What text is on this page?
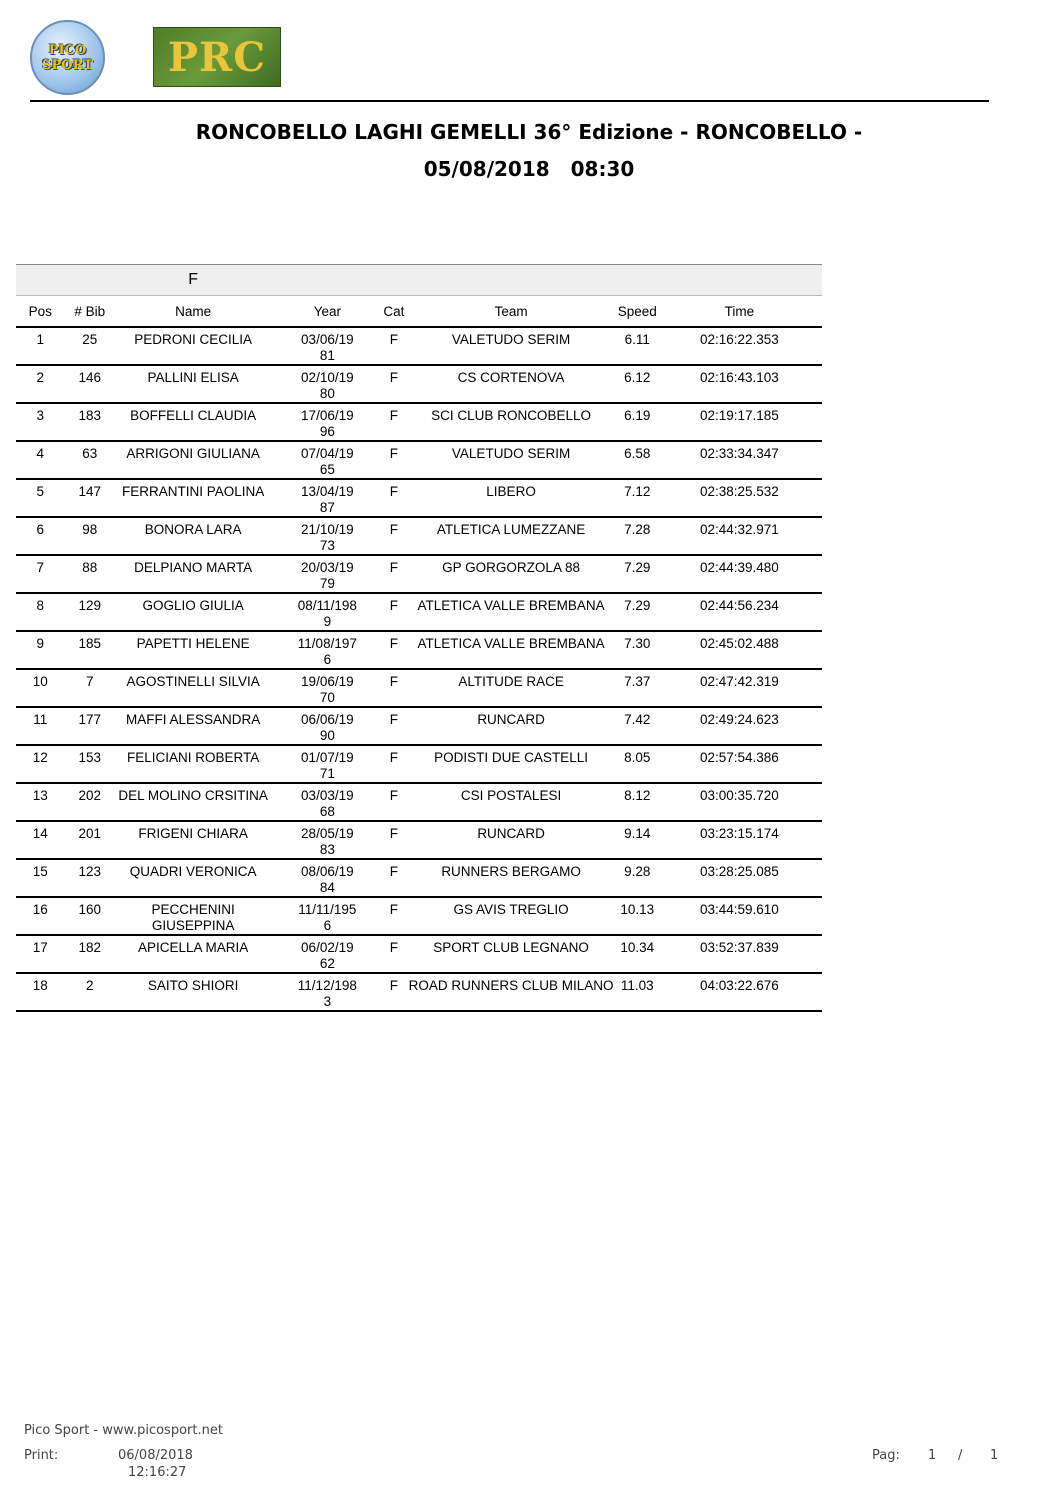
PICO
SPORT PRC
RONCOBELLO LAGHI GEMELLI 36° Edizione - RONCOBELLO -
05/08/2018 08:30
		F					
Pos	# Bib	Name	Year	Cat	Team	Speed	Time
1	25	PEDRONI CECILIA	03/06/1981	F	VALETUDO SERIM	6.11	02:16:22.353
2	146	PALLINI ELISA	02/10/1980	F	CS CORTENOVA	6.12	02:16:43.103
3	183	BOFFELLI CLAUDIA	17/06/1996	F	SCI CLUB RONCOBELLO	6.19	02:19:17.185
4	63	ARRIGONI GIULIANA	07/04/1965	F	VALETUDO SERIM	6.58	02:33:34.347
5	147	FERRANTINI PAOLINA	13/04/1987	F	LIBERO	7.12	02:38:25.532
6	98	BONORA LARA	21/10/1973	F	ATLETICA LUMEZZANE	7.28	02:44:32.971
7	88	DELPIANO MARTA	20/03/1979	F	GP GORGORZOLA 88	7.29	02:44:39.480
8	129	GOGLIO GIULIA	08/11/1989	F	ATLETICA VALLE BREMBANA	7.29	02:44:56.234
9	185	PAPETTI HELENE	11/08/1976	F	ATLETICA VALLE BREMBANA	7.30	02:45:02.488
10	7	AGOSTINELLI SILVIA	19/06/1970	F	ALTITUDE RACE	7.37	02:47:42.319
11	177	MAFFI ALESSANDRA	06/06/1990	F	RUNCARD	7.42	02:49:24.623
12	153	FELICIANI ROBERTA	01/07/1971	F	PODISTI DUE CASTELLI	8.05	02:57:54.386
13	202	DEL MOLINO CRSITINA	03/03/1968	F	CSI POSTALESI	8.12	03:00:35.720
14	201	FRIGENI CHIARA	28/05/1983	F	RUNCARD	9.14	03:23:15.174
15	123	QUADRI VERONICA	08/06/1984	F	RUNNERS BERGAMO	9.28	03:28:25.085
16	160	PECCHENINI GIUSEPPINA	11/11/1956	F	GS AVIS TREGLIO	10.13	03:44:59.610
17	182	APICELLA MARIA	06/02/1962	F	SPORT CLUB LEGNANO	10.34	03:52:37.839
18	2	SAITO SHIORI	11/12/1983	F	ROAD RUNNERS CLUB MILANO	11.03	04:03:22.676
Pico Sport - www.picosport.net
Print:	06/08/2018
12:16:27
Pag: 1 / 1
